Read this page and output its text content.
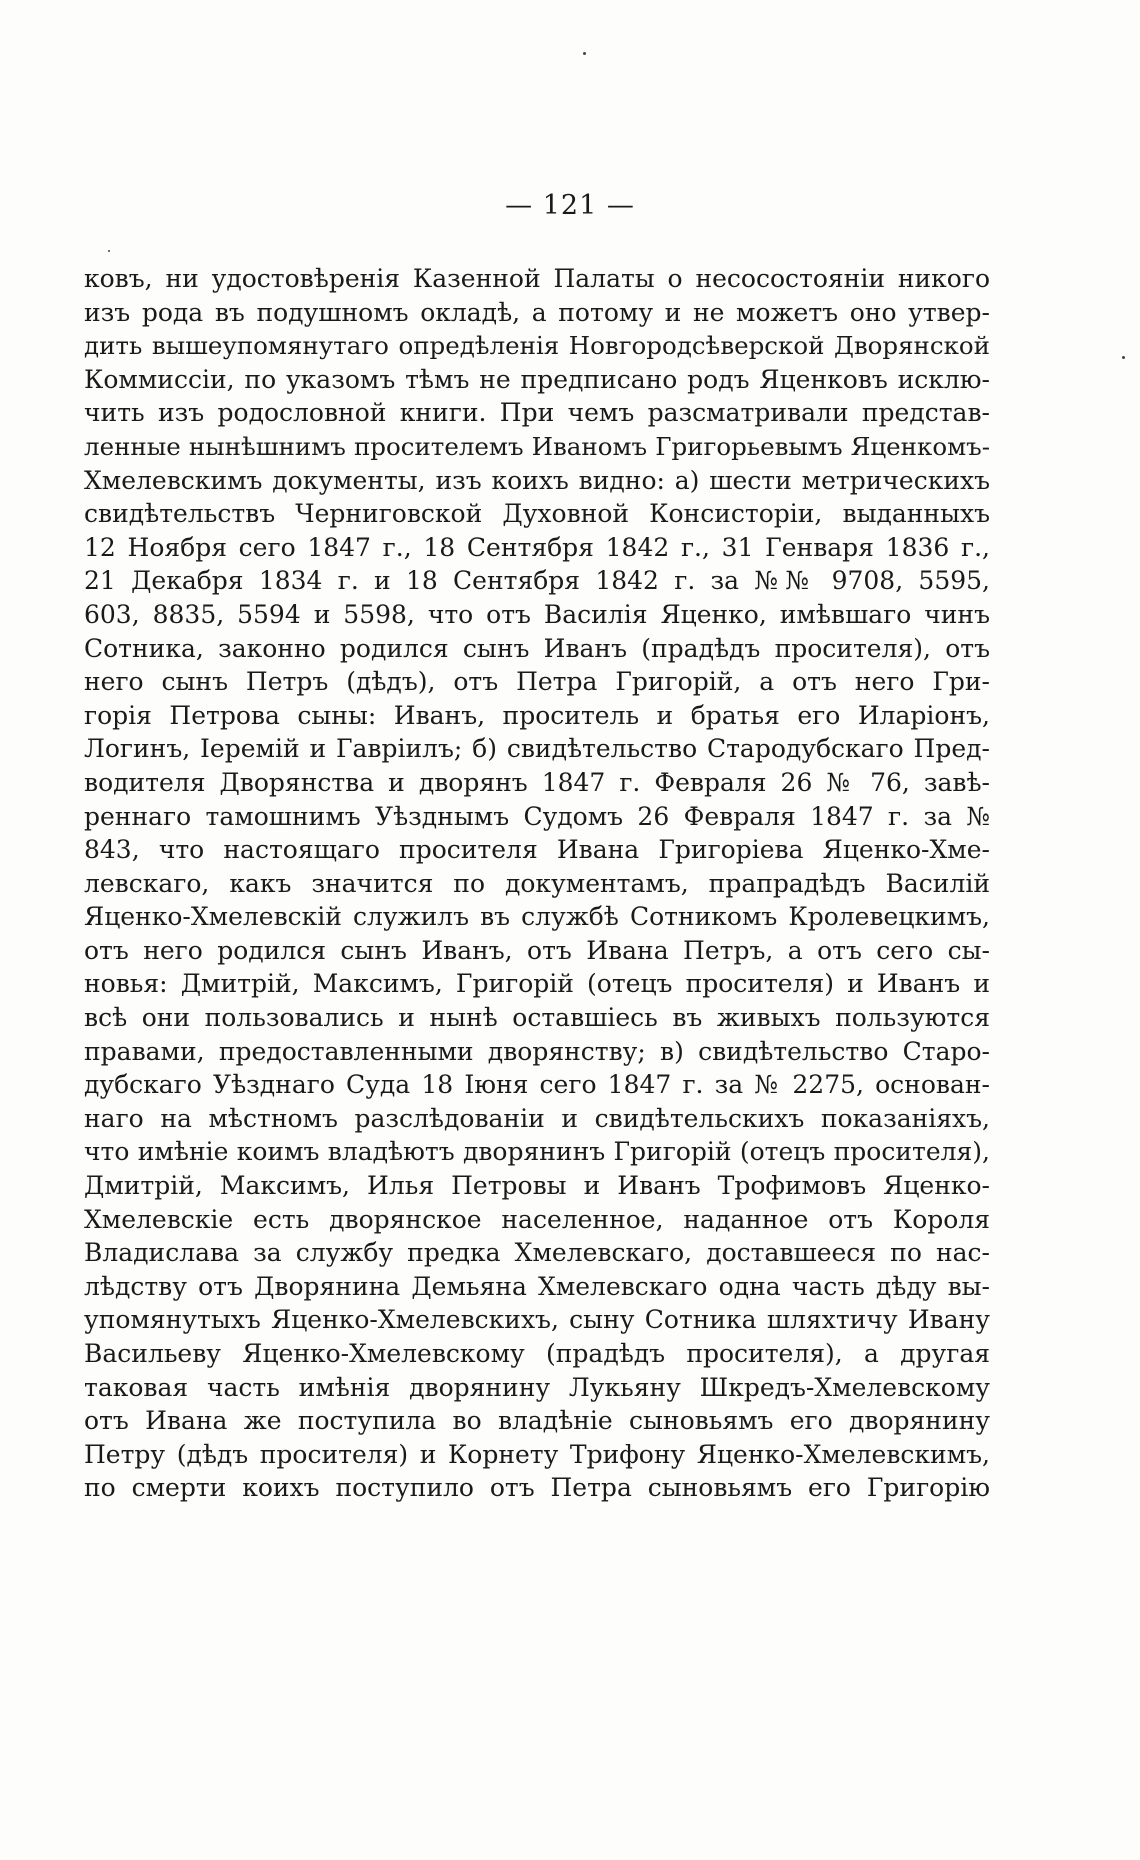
— 121 —
ковъ, ни удостовѣренія Казенной Палаты о несосостояніи никого
изъ рода въ подушномъ окладѣ, а потому и не можетъ оно утвер-
дить вышеупомянутаго опредѣленія Новгородсѣверской Дворянской
Коммиссіи, по указомъ тѣмъ не предписано родъ Яценковъ исклю-
чить изъ родословной книги. При чемъ разсматривали представ-
ленные нынѣшнимъ просителемъ Иваномъ Григорьевымъ Яценкомъ-
Хмелевскимъ документы, изъ коихъ видно: а) шести метрическихъ
свидѣтельствъ Черниговской Духовной Консисторіи, выданныхъ
12 Ноября сего 1847 г., 18 Сентября 1842 г., 31 Генваря 1836 г.,
21 Декабря 1834 г. и 18 Сентября 1842 г. за №№ 9708, 5595,
603, 8835, 5594 и 5598, что отъ Василія Яценко, имѣвшаго чинъ
Сотника, законно родился сынъ Иванъ (прадѣдъ просителя), отъ
него сынъ Петръ (дѣдъ), отъ Петра Григорій, а отъ него Гри-
горія Петрова сыны: Иванъ, проситель и братья его Иларіонъ,
Логинъ, Іеремій и Гавріилъ; б) свидѣтельство Стародубскаго Пред-
водителя Дворянства и дворянъ 1847 г. Февраля 26 № 76, завѣ-
реннаго тамошнимъ Уѣзднымъ Судомъ 26 Февраля 1847 г. за №
843, что настоящаго просителя Ивана Григоріева Яценко-Хме-
левскаго, какъ значится по документамъ, прапрадѣдъ Василій
Яценко-Хмелевскій служилъ въ службѣ Сотникомъ Кролевецкимъ,
отъ него родился сынъ Иванъ, отъ Ивана Петръ, а отъ сего сы-
новья: Дмитрій, Максимъ, Григорій (отецъ просителя) и Иванъ и
всѣ они пользовались и нынѣ оставшіесь въ живыхъ пользуются
правами, предоставленными дворянству; в) свидѣтельство Старо-
дубскаго Уѣзднаго Суда 18 Іюня сего 1847 г. за № 2275, основан-
наго на мѣстномъ разслѣдованіи и свидѣтельскихъ показаніяхъ,
что имѣніе коимъ владѣютъ дворянинъ Григорій (отецъ просителя),
Дмитрій, Максимъ, Илья Петровы и Иванъ Трофимовъ Яценко-
Хмелевскіе есть дворянское населенное, наданное отъ Короля
Владислава за службу предка Хмелевскаго, доставшееся по нас-
лѣдству отъ Дворянина Демьяна Хмелевскаго одна часть дѣду вы-
упомянутыхъ Яценко-Хмелевскихъ, сыну Сотника шляхтичу Ивану
Васильеву Яценко-Хмелевскому (прадѣдъ просителя), а другая
таковая часть имѣнія дворянину Лукьяну Шкредъ-Хмелевскому
отъ Ивана же поступила во владѣніе сыновьямъ его дворянину
Петру (дѣдъ просителя) и Корнету Трифону Яценко-Хмелевскимъ,
по смерти коихъ поступило отъ Петра сыновьямъ его Григорію
